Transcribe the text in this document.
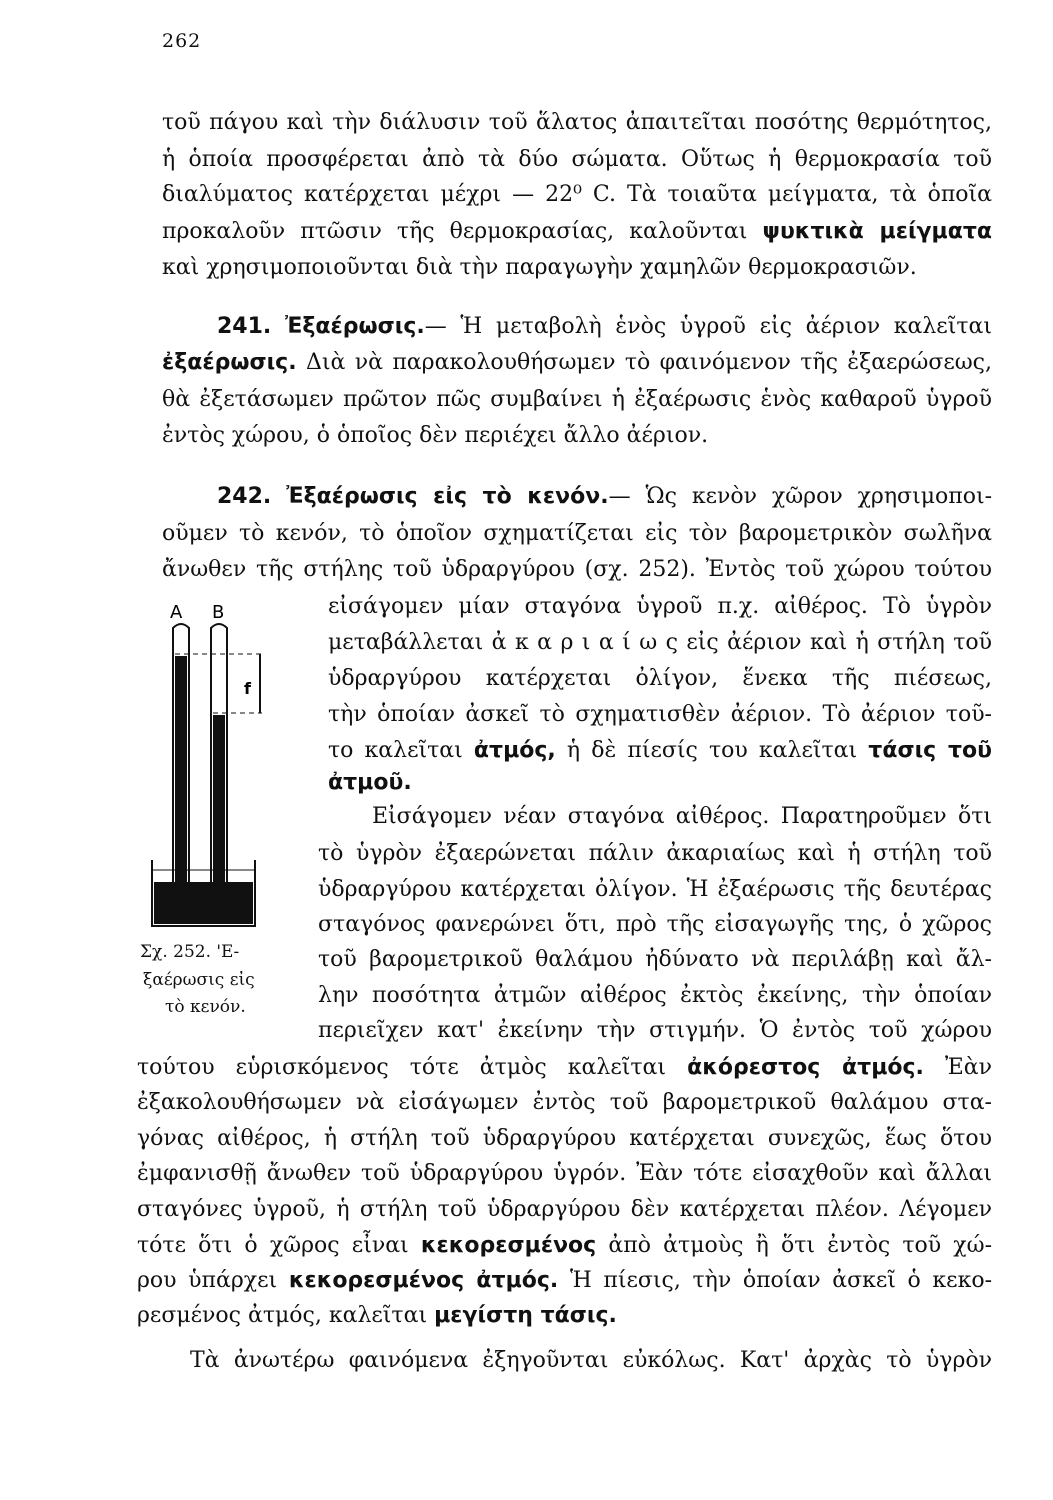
262
τοῦ πάγου καὶ τὴν διάλυσιν τοῦ ἅλατος ἀπαιτεῖται ποσότης θερμότητος,
ἡ ὁποία προσφέρεται ἀπὸ τὰ δύο σώματα. Οὕτως ἡ θερμοκρασία τοῦ
διαλύματος κατέρχεται μέχρι — 22⁰ C. Τὰ τοιαῦτα μείγματα, τὰ ὁποῖα
προκαλοῦν πτῶσιν τῆς θερμοκρασίας, καλοῦνται ψυκτικὰ μείγματα
καὶ χρησιμοποιοῦνται διὰ τὴν παραγωγὴν χαμηλῶν θερμοκρασιῶν.
241. Ἐξαέρωσις.— Ἡ μεταβολὴ ἑνὸς ὑγροῦ εἰς ἀέριον καλεῖται
ἐξαέρωσις. Διὰ νὰ παρακολουθήσωμεν τὸ φαινόμενον τῆς ἐξαερώσεως,
θὰ ἐξετάσωμεν πρῶτον πῶς συμβαίνει ἡ ἐξαέρωσις ἑνὸς καθαροῦ ὑγροῦ
ἐντὸς χώρου, ὁ ὁποῖος δὲν περιέχει ἄλλο ἀέριον.
242. Ἐξαέρωσις εἰς τὸ κενόν.— Ὡς κενὸν χῶρον χρησιμοποι-
οῦμεν τὸ κενόν, τὸ ὁποῖον σχηματίζεται εἰς τὸν βαρομετρικὸν σωλῆνα
ἄνωθεν τῆς στήλης τοῦ ὑδραργύρου (σχ. 252). Ἐντὸς τοῦ χώρου τούτου
εἰσάγομεν μίαν σταγόνα ὑγροῦ π.χ. αἰθέρος. Τὸ ὑγρὸν
μεταβάλλεται ἀ κ α ρ ι α ί ω ς εἰς ἀέριον καὶ ἡ στήλη τοῦ
ὑδραργύρου κατέρχεται ὀλίγον, ἕνεκα τῆς πιέσεως,
τὴν ὁποίαν ἀσκεῖ τὸ σχηματισθὲν ἀέριον. Τὸ ἀέριον τοῦ-
το καλεῖται ἀτμός, ἡ δὲ πίεσίς του καλεῖται τάσις τοῦ
ἀτμοῦ.
Εἰσάγομεν νέαν σταγόνα αἰθέρος. Παρατηροῦμεν ὅτι
τὸ ὑγρὸν ἐξαερώνεται πάλιν ἀκαριαίως καὶ ἡ στήλη τοῦ
ὑδραργύρου κατέρχεται ὀλίγον. Ἡ ἐξαέρωσις τῆς δευτέρας
σταγόνος φανερώνει ὅτι, πρὸ τῆς εἰσαγωγῆς της, ὁ χῶρος
τοῦ βαρομετρικοῦ θαλάμου ἠδύνατο νὰ περιλάβῃ καὶ ἄλ-
λην ποσότητα ἀτμῶν αἰθέρος ἐκτὸς ἐκείνης, τὴν ὁποίαν
περιεῖχεν κατ' ἐκείνην τὴν στιγμήν. Ὁ ἐντὸς τοῦ χώρου
τούτου εὑρισκόμενος τότε ἀτμὸς καλεῖται ἀκόρεστος ἀτμός. Ἐὰν
ἐξακολουθήσωμεν νὰ εἰσάγωμεν ἐντὸς τοῦ βαρομετρικοῦ θαλάμου στα-
γόνας αἰθέρος, ἡ στήλη τοῦ ὑδραργύρου κατέρχεται συνεχῶς, ἕως ὅτου
ἐμφανισθῇ ἄνωθεν τοῦ ὑδραργύρου ὑγρόν. Ἐὰν τότε εἰσαχθοῦν καὶ ἄλλαι
σταγόνες ὑγροῦ, ἡ στήλη τοῦ ὑδραργύρου δὲν κατέρχεται πλέον. Λέγομεν
τότε ὅτι ὁ χῶρος εἶναι κεκορεσμένος ἀπὸ ἀτμοὺς ἢ ὅτι ἐντὸς τοῦ χώ-
ρου ὑπάρχει κεκορεσμένος ἀτμός. Ἡ πίεσις, τὴν ὁποίαν ἀσκεῖ ὁ κεκο-
ρεσμένος ἀτμός, καλεῖται μεγίστη τάσις.
Τὰ ἀνωτέρω φαινόμενα ἐξηγοῦνται εὐκόλως. Κατ' ἀρχὰς τὸ ὑγρὸν
A B
f
Σχ. 252. 'Ε-
ξαέρωσις εἰς
τὸ κενόν.
